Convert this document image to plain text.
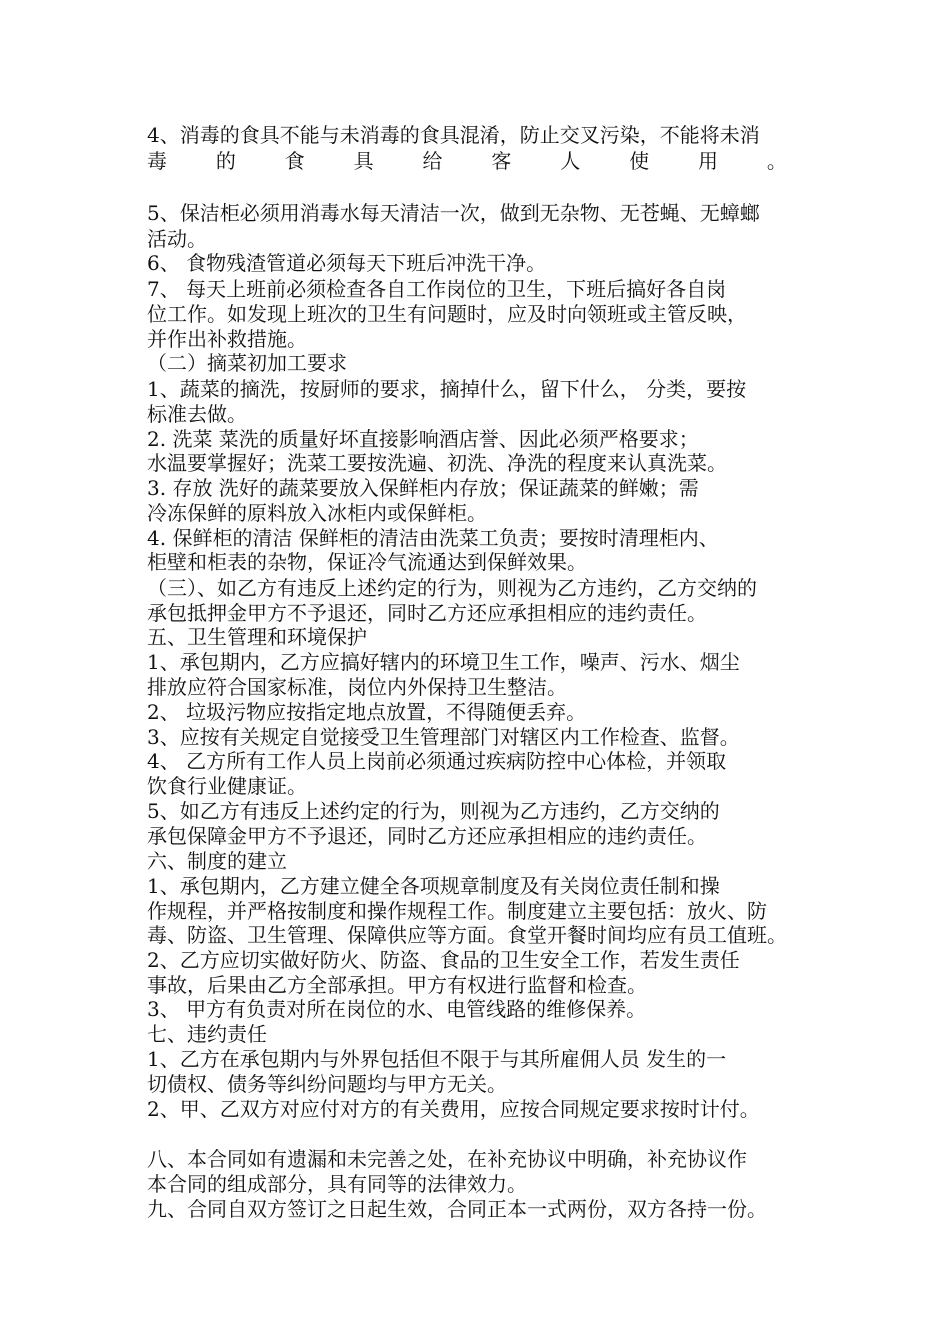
4、消毒的食具不能与未消毒的食具混淆，防止交叉污染，不能将未消
毒 的 食 具 给 客 人 使 用 。
5、保洁柜必须用消毒水每天清洁一次，做到无杂物、无苍蝇、无蟑螂
活动。
6、 食物残渣管道必须每天下班后冲洗干净。
7、 每天上班前必须检查各自工作岗位的卫生，下班后搞好各自岗
位工作。如发现上班次的卫生有问题时，应及时向领班或主管反映，
并作出补救措施。
（二）摘菜初加工要求
1、蔬菜的摘洗，按厨师的要求，摘掉什么，留下什么， 分类，要按
标准去做。
2. 洗菜 菜洗的质量好坏直接影响酒店誉、因此必须严格要求；
水温要掌握好；洗菜工要按洗遍、初洗、净洗的程度来认真洗菜。
3. 存放 洗好的蔬菜要放入保鲜柜内存放；保证蔬菜的鲜嫩；需
冷冻保鲜的原料放入冰柜内或保鲜柜。
4. 保鲜柜的清洁 保鲜柜的清洁由洗菜工负责；要按时清理柜内、
柜壁和柜表的杂物，保证冷气流通达到保鲜效果。
（三）、如乙方有违反上述约定的行为，则视为乙方违约，乙方交纳的
承包抵押金甲方不予退还，同时乙方还应承担相应的违约责任。
五、卫生管理和环境保护
1、承包期内，乙方应搞好辖内的环境卫生工作，噪声、污水、烟尘
排放应符合国家标准，岗位内外保持卫生整洁。
2、 垃圾污物应按指定地点放置，不得随便丢弃。
3、应按有关规定自觉接受卫生管理部门对辖区内工作检查、监督。
4、 乙方所有工作人员上岗前必须通过疾病防控中心体检，并领取
饮食行业健康证。
5、如乙方有违反上述约定的行为，则视为乙方违约，乙方交纳的
承包保障金甲方不予退还，同时乙方还应承担相应的违约责任。
六、制度的建立
1、承包期内，乙方建立健全各项规章制度及有关岗位责任制和操
作规程，并严格按制度和操作规程工作。制度建立主要包括：放火、防
毒、防盗、卫生管理、保障供应等方面。食堂开餐时间均应有员工值班。
2、乙方应切实做好防火、防盗、食品的卫生安全工作，若发生责任
事故，后果由乙方全部承担。甲方有权进行监督和检查。
3、 甲方有负责对所在岗位的水、电管线路的维修保养。
七、违约责任
1、乙方在承包期内与外界包括但不限于与其所雇佣人员 发生的一
切债权、债务等纠纷问题均与甲方无关。
2、甲、乙双方对应付对方的有关费用，应按合同规定要求按时计付。
八、本合同如有遗漏和未完善之处，在补充协议中明确，补充协议作
本合同的组成部分，具有同等的法律效力。
九、合同自双方签订之日起生效，合同正本一式两份，双方各持一份。
